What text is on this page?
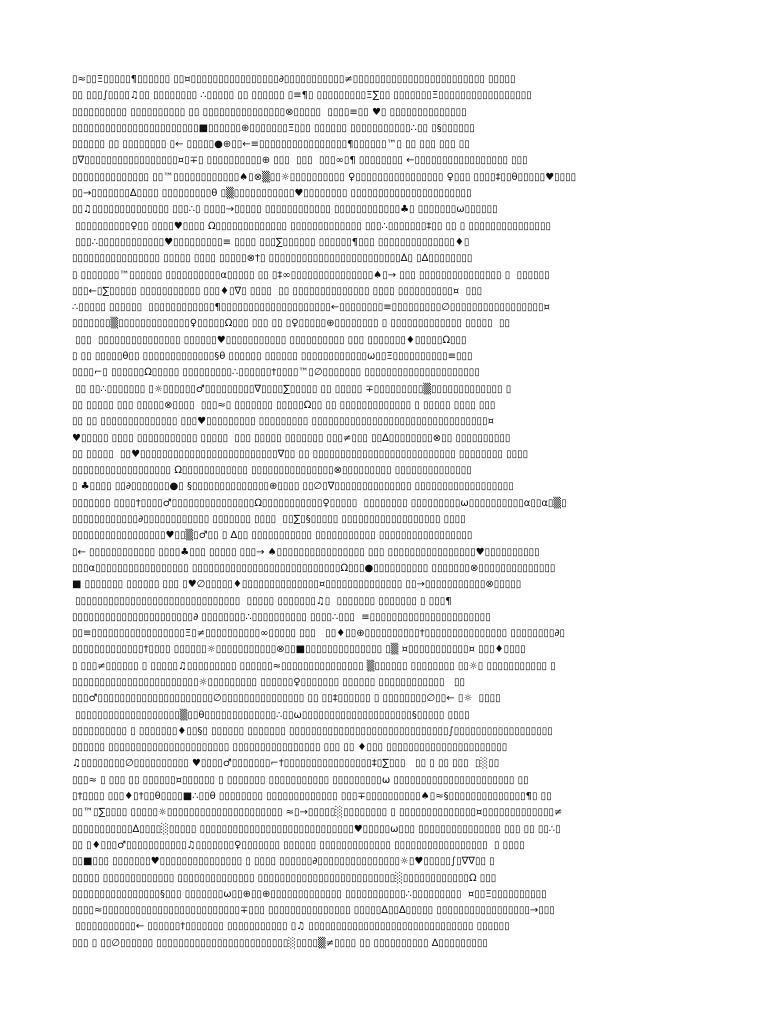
▯≈▯▯Ξ▯▯▯▯▯¶▯▯▯▯▯▯ ▯▯¤▯▯▯▯▯▯▯▯▯▯▯▯▯▯▯▯∂▯▯▯▯▯▯▯▯▯▯▯≠▯▯▯▯▯▯▯▯▯▯▯▯▯▯▯▯▯▯▯▯▯▯▯▯ ▯▯▯▯▯
▯▯ ▯▯▯∫▯▯▯▯♫▯▯ ▯▯▯▯▯▯▯▯ ∴▯▯▯▯▯ ▯▯ ▯▯▯▯▯▯ ▯≡¶▯ ▯▯▯▯▯▯▯▯▯Ξ∑▯▯ ▯▯▯▯▯▯▯Ξ▯▯▯▯▯▯▯▯▯▯▯▯▯▯▯▯▯
▯▯▯▯▯▯▯▯▯▯ ▯▯▯▯▯▯▯▯▯▯ ▯▯ ▯▯▯▯▯▯▯▯▯▯▯▯▯▯▯⊗▯▯▯▯▯  ▯▯▯▯≡▯▯ ♥▯ ▯▯▯▯▯▯▯▯▯▯▯▯▯▯
▯▯▯▯▯▯▯▯▯▯▯▯▯▯▯▯▯▯▯▯▯▯▯■▯▯▯▯▯▯⊕▯▯▯▯▯▯▯Ξ▯▯▯ ▯▯▯▯▯▯ ▯▯▯▯▯▯▯▯▯▯▯∴▯▯ ▯§▯▯▯▯▯▯
▯▯▯▯▯▯ ▯▯ ▯▯▯▯▯▯▯▯ ▯← ▯▯▯▯▯●⊕▯▯←≡▯▯▯▯▯▯▯▯▯▯▯▯▯▯▯▯¶▯▯▯▯▯▯™▯ ▯▯ ▯▯▯ ▯▯▯ ▯▯
▯∇▯▯▯▯▯▯▯▯▯▯▯▯▯▯▯▯▯¤▯∓▯ ▯▯▯▯▯▯▯▯▯▯⊕ ▯▯▯  ▯▯▯  ▯▯▯∞▯¶ ▯▯▯▯▯▯▯▯ ←▯▯▯▯▯▯▯▯▯▯▯▯▯▯▯▯▯ ▯▯▯
▯▯▯▯▯▯▯▯▯▯▯▯▯▯ ▯▯™▯▯▯▯▯▯▯▯▯▯▯▯♠▯⊗▒▯▯☼▯▯▯▯▯▯▯▯▯▯ ♀▯▯▯▯▯▯▯▯▯▯▯▯▯▯▯▯ ♀▯▯▯ ▯▯▯▯‡▯▯θ▯▯▯▯▯♥▯▯▯▯
▯▯→▯▯▯▯▯▯▯∆▯▯▯▯ ▯▯▯▯▯▯▯▯▯θ ▯▒▯▯▯▯▯▯▯▯▯▯▯♥▯▯▯▯▯▯▯▯ ▯▯▯▯▯▯▯▯▯▯▯▯▯▯▯▯▯▯▯▯▯▯
▯▯♫▯▯▯▯▯▯▯▯▯▯▯▯▯▯ ▯▯▯∴▯ ▯▯▯▯→▯▯▯▯▯ ▯▯▯▯▯▯▯▯▯▯▯▯ ▯▯▯▯▯▯▯▯▯▯▯▯♣▯ ▯▯▯▯▯▯▯ω▯▯▯▯▯▯
▯▯▯▯▯▯▯▯▯▯♀▯▯ ▯▯▯▯♥▯▯▯▯ Ω▯▯▯▯▯▯▯▯▯▯▯▯▯ ▯▯▯▯▯▯▯▯▯▯▯▯▯ ▯▯▯∴▯▯▯▯▯▯▯‡▯▯ ▯▯ ▯ ▯▯▯▯▯▯▯▯▯▯▯▯▯▯▯
▯▯▯∴▯▯▯▯▯▯▯▯▯▯▯▯♥▯▯▯▯▯▯▯▯▯≡ ▯▯▯▯ ▯▯▯∑▯▯▯▯▯▯ ▯▯▯▯▯▯¶▯▯▯ ▯▯▯▯▯▯▯▯▯▯▯▯▯▯♦▯
▯▯▯▯▯▯▯▯▯▯▯▯▯▯▯▯ ▯▯▯▯▯ ▯▯▯▯ ▯▯▯▯▯⊗†▯ ▯▯▯▯▯▯▯▯▯▯▯▯▯▯▯▯▯▯▯▯▯▯▯▯∆▯ ▯∆▯▯▯▯▯▯▯▯
▯ ▯▯▯▯▯▯▯™▯▯▯▯▯▯ ▯▯▯▯▯▯▯▯▯▯α▯▯▯▯▯ ▯▯ ▯‡∞▯▯▯▯▯▯▯▯▯▯▯▯▯▯▯♠▯→ ▯▯▯ ▯▯▯▯▯▯▯▯▯▯▯▯▯▯▯ ▯  ▯▯▯▯▯▯
▯▯▯←▯∑▯▯▯▯▯ ▯▯▯▯▯▯▯▯▯▯▯ ▯▯▯♦▯∇▯ ▯▯▯▯  ▯▯ ▯▯▯▯▯▯▯▯▯▯▯▯▯▯ ▯▯▯▯ ▯▯▯▯▯▯▯▯▯▯¤  ▯▯▯
∴▯▯▯▯▯ ▯▯▯▯▯▯  ▯▯▯▯▯▯▯▯▯▯▯▯¶▯▯▯▯▯▯▯▯▯▯▯▯▯▯▯▯▯▯▯▯←▯▯▯▯▯▯▯▯≡▯▯▯▯▯▯▯▯▯∅▯▯▯▯▯▯▯▯▯▯▯▯▯▯▯▯▯¤
▯▯▯▯▯▯▯▒▯▯▯▯▯▯▯▯▯▯▯▯▯♀▯▯▯▯▯Ω▯▯▯ ▯▯▯ ▯▯ ▯♀▯▯▯▯▯⊕▯▯▯▯▯▯▯▯ ▯ ▯▯▯▯▯▯▯▯▯▯▯▯▯ ▯▯▯▯▯  ▯▯
▯▯▯  ▯▯▯▯▯▯▯▯▯▯▯▯▯▯▯ ▯▯▯▯▯▯♥▯▯▯▯▯▯▯▯▯▯▯ ▯▯▯▯▯▯▯▯▯▯ ▯▯▯ ▯▯▯▯▯▯▯♦▯▯▯▯▯Ω▯▯▯
▯ ▯▯ ▯▯▯▯▯θ▯▯ ▯▯▯▯▯▯▯▯▯▯▯▯▯§θ ▯▯▯▯▯▯ ▯▯▯▯▯▯ ▯▯▯▯▯▯▯▯▯▯▯▯ω▯▯Ξ▯▯▯▯▯▯▯▯▯▯≡▯▯▯
▯▯▯▯⌐▯ ▯▯▯▯▯▯Ω▯▯▯▯▯ ▯▯▯▯▯▯▯▯▯∴▯▯▯▯▯▯†▯▯▯▯™▯∅▯▯▯▯▯▯▯ ▯▯▯▯▯▯▯▯▯▯▯▯▯▯▯▯▯▯▯▯▯
▯▯ ▯▯∴▯▯▯▯▯▯▯ ▯☼▯▯▯▯▯▯♂▯▯▯▯▯▯▯▯▯∇▯▯▯▯∑▯▯▯▯▯ ▯▯ ▯▯▯▯▯ ∓▯▯▯▯▯▯▯▯▯▒▯▯▯▯▯▯▯▯▯▯▯▯▯ ▯
▯▯ ▯▯▯▯▯ ▯▯▯ ▯▯▯▯▯⊗▯▯▯▯  ▯▯▯≈▯ ▯▯▯▯▯▯▯ ▯▯▯▯▯Ω▯▯ ▯▯ ▯▯▯▯▯▯▯▯▯▯▯▯▯ ▯ ▯▯▯▯▯ ▯▯▯▯ ▯▯▯
▯▯ ▯▯ ▯▯▯▯▯▯▯▯▯▯▯▯▯▯ ▯▯▯♥▯▯▯▯▯▯▯▯▯ ▯▯▯▯▯▯▯▯▯ ▯▯▯▯▯▯▯▯▯▯▯▯▯▯▯▯▯▯▯▯▯▯▯▯▯▯▯▯▯▯▯▯¤
♥▯▯▯▯▯ ▯▯▯▯ ▯▯▯▯▯▯▯▯▯▯▯ ▯▯▯▯▯  ▯▯▯ ▯▯▯▯▯ ▯▯▯▯▯▯▯ ▯▯▯≠▯▯▯ ▯▯∆▯▯▯▯▯▯▯▯⊗▯▯ ▯▯▯▯▯▯▯▯▯▯
▯▯ ▯▯▯▯▯  ▯▯♥▯▯▯▯▯▯▯▯▯▯▯▯▯▯▯▯▯▯▯▯▯▯▯▯▯∇▯▯ ▯▯ ▯▯▯▯▯▯▯▯▯▯▯▯▯▯▯▯▯▯▯▯▯▯▯▯▯▯ ▯▯▯▯▯▯▯▯ ▯▯▯▯
▯▯▯▯▯▯▯▯▯▯▯▯▯▯▯▯▯▯ Ω▯▯▯▯▯▯▯▯▯▯▯▯ ▯▯▯▯▯▯▯▯▯▯▯▯▯▯▯⊗▯▯▯▯▯▯▯▯▯ ▯▯▯▯▯▯▯▯▯▯▯▯▯▯
▯ ♣▯▯▯▯ ▯▯∂▯▯▯▯▯▯▯●▯ §▯▯▯▯▯▯▯▯▯▯▯▯▯▯⊕▯▯▯▯ ▯▯∅▯∇▯▯▯▯▯▯▯▯▯▯▯▯▯▯ ▯▯▯▯▯▯▯▯▯▯▯▯▯▯▯▯▯▯
▯▯▯▯▯▯▯ ▯▯▯▯†▯▯▯▯♂▯▯▯▯▯▯▯▯▯▯▯▯▯▯▯Ω▯▯▯▯▯▯▯▯▯▯▯♀▯▯▯▯▯  ▯▯▯▯▯▯▯▯ ▯▯▯▯▯▯▯▯▯ω▯▯▯▯▯▯▯▯▯▯α▯▯α▯▒▯
▯▯▯▯▯▯▯▯▯▯▯▯∂▯▯▯▯▯▯▯▯▯▯▯▯ ▯▯▯▯▯▯▯ ▯▯▯▯  ▯▯∑▯§▯▯▯▯▯ ▯▯▯▯▯▯▯▯▯▯▯▯▯▯▯▯▯▯ ▯▯▯▯
▯▯▯▯▯▯▯▯▯▯▯▯▯▯▯▯▯♥▯▯▒▯♂▯▯ ▯ ∆▯▯ ▯▯▯▯▯▯▯▯▯▯▯ ▯▯▯▯▯▯▯▯▯▯▯ ▯▯▯▯▯▯▯▯▯▯▯▯▯▯▯▯▯
▯← ▯▯▯▯▯▯▯▯▯▯▯▯ ▯▯▯▯♣▯▯▯ ▯▯▯▯▯ ▯▯▯→ ♠▯▯▯▯▯▯▯▯▯▯▯▯▯▯▯▯ ▯▯▯ ▯▯▯▯▯▯▯▯▯▯▯▯▯▯▯▯♥▯▯▯▯▯▯▯▯▯▯
▯▯▯α▯▯▯▯▯▯▯▯▯▯▯▯▯▯▯▯▯ ▯▯▯▯▯▯▯▯▯▯▯▯▯▯▯▯▯▯▯▯▯▯▯▯▯▯▯Ω▯▯▯●▯▯▯▯▯▯▯▯▯▯ ▯▯▯▯▯▯▯⊗▯▯▯▯▯▯▯▯▯▯▯▯▯▯
■ ▯▯▯▯▯▯▯ ▯▯▯▯▯▯ ▯▯▯ ▯♥∅▯▯▯▯▯♦▯▯▯▯▯▯▯▯▯▯▯▯▯▯¤▯▯▯▯▯▯▯▯▯▯▯▯▯▯ ▯▯→▯▯▯▯▯▯▯▯▯▯▯⊗▯▯▯▯▯
▯▯▯▯▯▯▯▯▯▯▯▯▯▯▯▯▯▯▯▯▯▯▯▯▯▯▯▯▯▯  ▯▯▯▯▯ ▯▯▯▯▯▯▯♫▯  ▯▯▯▯▯▯▯ ▯▯▯▯▯▯▯ ▯ ▯▯▯¶
▯▯▯▯▯▯▯▯▯▯▯▯▯▯▯▯▯▯▯▯▯▯∂ ▯▯▯▯▯▯▯▯∴▯▯▯▯▯▯▯▯▯▯ ▯▯▯▯∴▯▯▯  ≡▯▯▯▯▯▯▯▯▯▯▯▯▯▯▯▯▯▯▯▯▯▯
▯▯≡▯▯▯▯▯▯▯▯▯▯▯▯▯▯▯▯▯Ξ▯≠▯▯▯▯▯▯▯▯▯▯∞▯▯▯▯▯ ▯▯▯   ▯▯♦▯▯⊕▯▯▯▯▯▯▯▯▯▯†▯▯▯▯▯▯▯▯▯▯▯▯▯▯▯ ▯▯▯▯▯▯▯▯∂▯
▯▯▯▯▯▯▯▯▯▯▯▯▯†▯▯▯▯ ▯▯▯▯▯▯☼▯▯▯▯▯▯▯▯▯▯▯⊗▯▯■▯▯▯▯▯▯▯▯▯▯▯▯▯▯ ▯▒ ¤▯▯▯▯▯▯▯▯▯▯▯¤ ▯▯▯♦▯▯▯▯
▯ ▯▯▯≠▯▯▯▯▯▯ ▯ ▯▯▯▯▯♫▯▯▯▯▯▯▯▯▯ ▯▯▯▯▯▯≈▯▯▯▯▯▯▯▯▯▯▯▯▯▯▯ ▒▯▯▯▯▯▯ ▯▯▯▯▯▯▯▯ ▯▯☼▯ ▯▯▯▯▯▯▯▯▯▯▯ ▯
▯▯▯▯▯▯▯▯▯▯▯▯▯▯▯▯▯▯▯▯▯▯▯☼▯▯▯▯▯▯▯▯▯ ▯▯▯▯▯▯♀▯▯▯▯▯▯▯ ▯▯▯▯▯▯ ▯▯▯▯▯▯▯▯▯▯▯▯   ▯▯
▯▯▯♂▯▯▯▯▯▯▯▯▯▯▯▯▯▯▯▯▯▯▯▯▯∅▯▯▯▯▯▯▯▯▯▯▯▯▯▯▯ ▯▯ ▯▯‡▯▯▯▯▯▯ ▯ ▯▯▯▯▯▯▯▯∅▯▯← ▯☼  ▯▯▯▯
▯▯▯▯▯▯▯▯▯▯▯▯▯▯▯▯▯▯▯▒▯▯θ▯▯▯▯▯▯▯▯▯▯▯▯▯∴▯▯ω▯▯▯▯▯▯▯▯▯▯▯▯▯▯▯▯▯▯▯▯§▯▯▯▯▯ ▯▯▯▯
▯▯▯▯▯▯▯▯▯▯ ▯ ▯▯▯▯▯▯▯♦▯▯§▯ ▯▯▯▯▯▯ ▯▯▯▯▯▯▯ ▯▯▯▯▯▯▯▯▯▯▯▯▯▯▯▯▯▯▯▯▯▯▯▯▯▯▯▯▯∫▯▯▯▯▯▯▯▯▯▯▯▯▯▯▯▯▯▯
▯▯▯▯▯▯ ▯▯▯▯▯▯▯▯▯▯▯▯▯▯▯▯▯▯▯▯▯▯ ▯▯▯▯▯▯▯▯▯▯▯▯▯▯▯▯ ▯▯▯ ▯▯ ♦▯▯▯ ▯▯▯▯▯▯▯▯▯▯▯▯▯▯▯▯▯▯▯▯▯▯
♫▯▯▯▯▯▯▯▯∅▯▯▯▯▯▯▯▯▯▯ ♥▯▯▯▯♂▯▯▯▯▯▯▯⌐†▯▯▯▯▯▯▯▯▯▯▯▯▯▯▯▯‡▯∑▯▯▯   ▯▯ ▯ ▯▯ ▯▯▯  ▯░▯▯
▯▯▯≈ ▯ ▯▯▯ ▯▯ ▯▯▯▯▯▯¤▯▯▯▯▯▯ ▯ ▯▯▯▯▯▯▯ ▯▯▯▯▯▯▯▯▯▯▯ ▯▯▯▯▯▯▯▯▯ω ▯▯▯▯▯▯▯▯▯▯▯▯▯▯▯▯▯▯▯▯▯▯ ▯▯
▯†▯▯▯▯ ▯▯▯♦▯†▯▯θ▯▯▯▯■∴▯▯θ ▯▯▯▯▯▯▯▯ ▯▯▯▯▯▯▯▯▯▯▯▯▯ ▯▯▯∓▯▯▯▯▯▯▯▯▯▯♠▯≈§▯▯▯▯▯▯▯▯▯▯▯▯▯▯¶▯ ▯▯
▯▯™▯∑▯▯▯▯ ▯▯▯▯▯☼▯▯▯▯▯▯▯▯▯▯▯▯▯▯▯▯▯▯▯▯▯ ≈▯→▯▯▯▯▯░▯▯▯▯▯▯▯▯ ▯ ▯▯▯▯▯▯▯▯▯▯▯▯▯▯¤▯▯▯▯▯▯▯▯▯▯▯▯▯≠
▯▯▯▯▯▯▯▯▯▯▯∆▯▯▯▯░▯▯▯▯▯ ▯▯▯▯▯▯▯▯▯▯▯▯▯▯▯▯▯▯▯▯▯▯▯▯▯▯▯▯♥▯▯▯▯▯ω▯▯▯ ▯▯▯▯▯▯▯▯▯▯▯▯▯▯▯ ▯▯▯ ▯▯ ▯▯∴▯
▯▯ ▯♦▯▯▯♂▯▯▯▯▯▯▯▯▯▯▯♫▯▯▯▯▯▯▯♀▯▯▯▯▯▯▯ ▯▯▯▯▯▯ ▯▯▯▯▯▯▯▯▯▯▯▯▯ ▯▯▯▯▯▯▯▯▯▯▯▯▯▯▯▯▯  ▯ ▯▯▯▯
▯▯■▯▯▯ ▯▯▯▯▯▯▯♥▯▯▯▯▯▯▯▯▯▯▯▯▯▯▯ ▯ ▯▯▯▯ ▯▯▯▯▯▯∂▯▯▯▯▯▯▯▯▯▯▯▯▯▯▯☼▯♥▯▯▯▯▯∫▯∇∇▯▯ ▯
▯▯▯▯▯ ▯▯▯▯▯▯▯▯▯▯▯▯▯ ▯▯▯▯▯▯▯▯▯▯▯▯▯▯ ▯▯▯▯▯▯▯▯▯▯▯▯▯▯▯▯▯▯▯▯▯▯▯▯▯░▯▯▯▯▯▯▯▯▯▯▯▯Ω ▯▯▯
▯▯▯▯▯▯▯▯▯▯▯▯▯▯▯▯§▯▯▯ ▯▯▯▯▯▯▯ω▯▯⊕▯▯⊕▯▯▯▯▯▯▯▯▯▯▯▯▯ ▯▯▯▯▯▯▯▯▯▯▯∴▯▯▯▯▯▯▯▯▯  ¤▯▯Ξ▯▯▯▯▯▯▯▯▯▯
▯▯▯▯≈▯▯▯▯▯▯▯▯▯▯▯▯▯▯▯▯▯▯▯▯▯▯▯▯▯∓▯▯▯ ▯▯▯▯▯▯▯▯▯▯▯▯▯▯▯ ▯▯▯▯▯∆▯▯∆▯▯▯▯▯ ▯▯▯▯▯▯▯▯▯▯▯▯▯▯▯▯▯→▯▯▯
▯▯▯▯▯▯▯▯▯▯▯← ▯▯▯▯▯▯†▯▯▯▯▯▯▯ ▯▯▯▯▯▯▯▯▯▯▯ ▯♫ ▯▯▯▯▯▯▯▯▯▯▯▯▯▯▯▯▯▯▯▯▯▯▯▯▯▯▯▯▯▯ ▯▯▯▯▯▯
▯▯▯ ▯ ▯▯∅▯▯▯▯▯▯ ▯▯▯▯▯▯▯▯▯▯▯▯▯▯▯▯▯▯▯▯▯▯▯▯░▯▯▯▯▒≠▯▯▯▯ ▯▯ ▯▯▯▯▯▯▯▯▯▯ ∆▯▯▯▯▯▯▯▯▯
